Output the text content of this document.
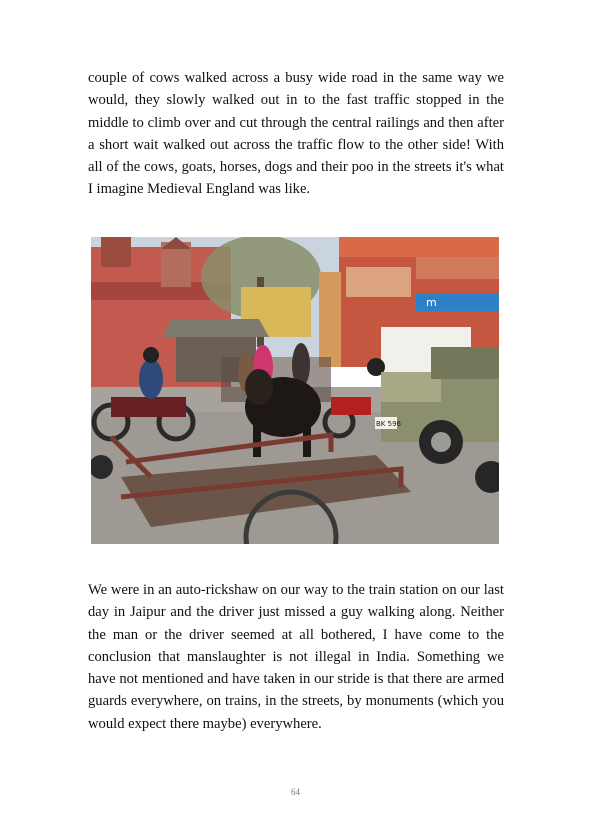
couple of cows walked across a busy wide road in the same way we would, they slowly walked out in to the fast traffic stopped in the middle to climb over and cut through the central railings and then after a short wait walked out across the traffic flow to the other side! With all of the cows, goats, horses, dogs and their poo in the streets it's what I imagine Medieval England was like.

m
BK 596

We were in an auto-rickshaw on our way to the train station on our last day in Jaipur and the driver just missed a guy walking along. Neither the man or the driver seemed at all bothered, I have come to the conclusion that manslaughter is not illegal in India. Something we have not mentioned and have taken in our stride is that there are armed guards everywhere, on trains, in the streets, by monuments (which you would expect there maybe) everywhere.

64
